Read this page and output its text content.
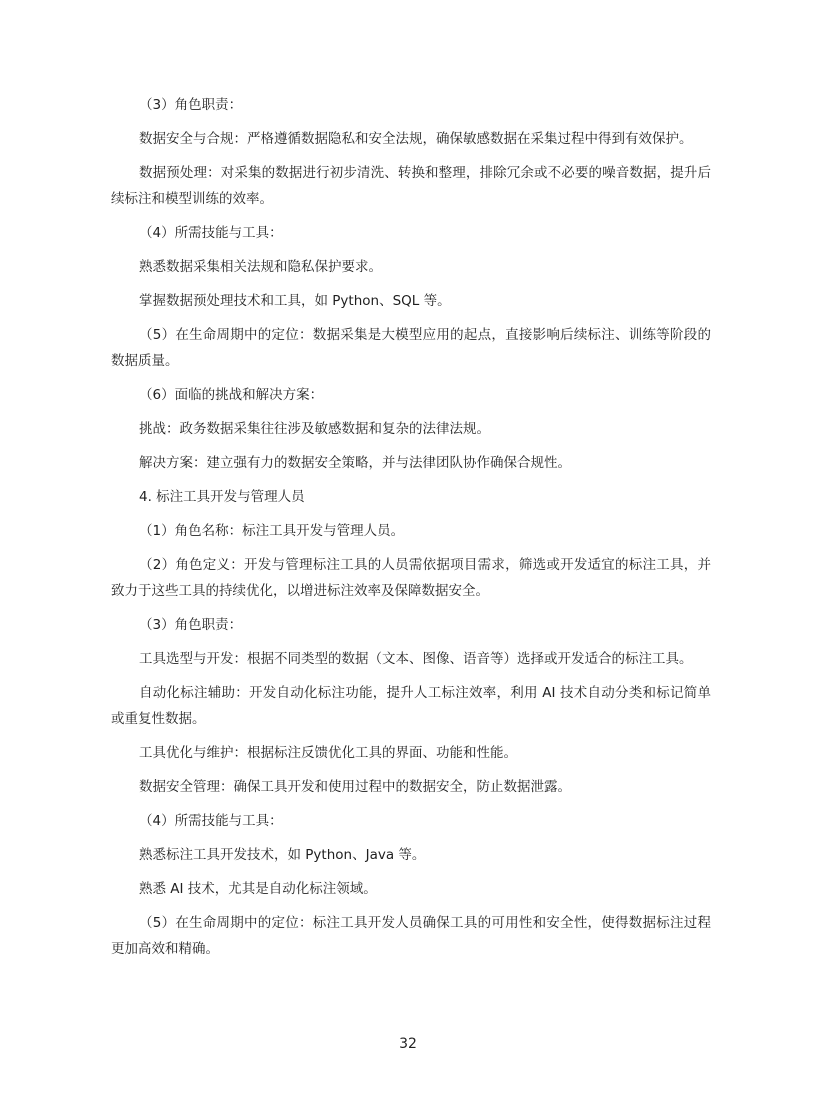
（3）角色职责：

数据安全与合规：严格遵循数据隐私和安全法规，确保敏感数据在采集过程中得到有效保护。

数据预处理：对采集的数据进行初步清洗、转换和整理，排除冗余或不必要的噪音数据，提升后续标注和模型训练的效率。

（4）所需技能与工具：

熟悉数据采集相关法规和隐私保护要求。

掌握数据预处理技术和工具，如 Python、SQL 等。

（5）在生命周期中的定位：数据采集是大模型应用的起点，直接影响后续标注、训练等阶段的数据质量。

（6）面临的挑战和解决方案：

挑战：政务数据采集往往涉及敏感数据和复杂的法律法规。

解决方案：建立强有力的数据安全策略，并与法律团队协作确保合规性。

4. 标注工具开发与管理人员

（1）角色名称：标注工具开发与管理人员。

（2）角色定义：开发与管理标注工具的人员需依据项目需求，筛选或开发适宜的标注工具，并致力于这些工具的持续优化，以增进标注效率及保障数据安全。

（3）角色职责：

工具选型与开发：根据不同类型的数据（文本、图像、语音等）选择或开发适合的标注工具。

自动化标注辅助：开发自动化标注功能，提升人工标注效率，利用 AI 技术自动分类和标记简单或重复性数据。

工具优化与维护：根据标注反馈优化工具的界面、功能和性能。

数据安全管理：确保工具开发和使用过程中的数据安全，防止数据泄露。

（4）所需技能与工具：

熟悉标注工具开发技术，如 Python、Java 等。

熟悉 AI 技术，尤其是自动化标注领域。

（5）在生命周期中的定位：标注工具开发人员确保工具的可用性和安全性，使得数据标注过程更加高效和精确。

32
